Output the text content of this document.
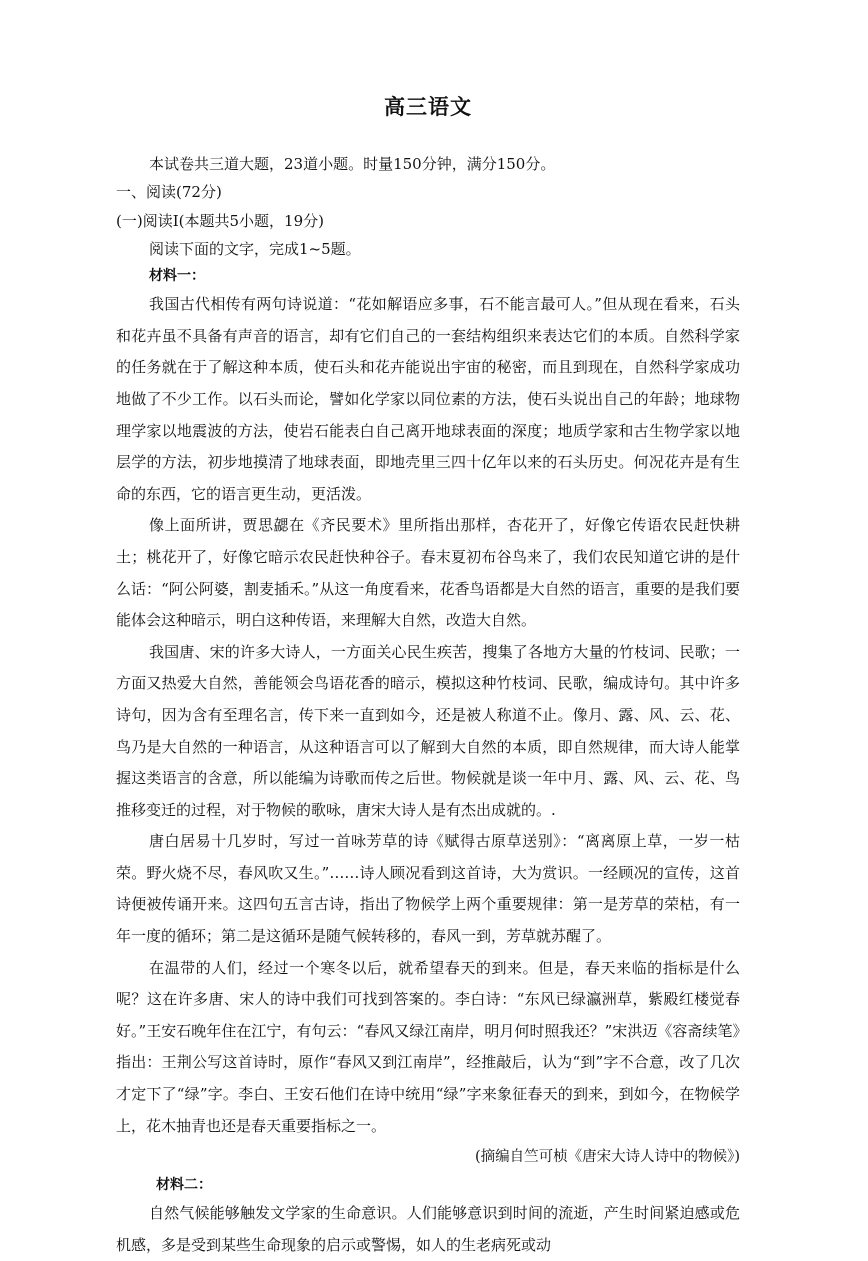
高三语文
本试卷共三道大题，23道小题。时量150分钟，满分150分。
一、阅读(72分)
(一)阅读Ⅰ(本题共5小题，19分)
阅读下面的文字，完成1~5题。
材料一：

我国古代相传有两句诗说道：“花如解语应多事，石不能言最可人。”但从现在看来，石头和花卉虽不具备有声音的语言，却有它们自己的一套结构组织来表达它们的本质。自然科学家的任务就在于了解这种本质，使石头和花卉能说出宇宙的秘密，而且到现在，自然科学家成功地做了不少工作。以石头而论，譬如化学家以同位素的方法，使石头说出自己的年龄；地球物理学家以地震波的方法，使岩石能表白自己离开地球表面的深度；地质学家和古生物学家以地层学的方法，初步地摸清了地球表面，即地壳里三四十亿年以来的石头历史。何况花卉是有生命的东西，它的语言更生动，更活泼。

像上面所讲，贾思勰在《齐民要术》里所指出那样，杏花开了，好像它传语农民赶快耕土；桃花开了，好像它暗示农民赶快种谷子。春末夏初布谷鸟来了，我们农民知道它讲的是什么话：“阿公阿婆，割麦插禾。”从这一角度看来，花香鸟语都是大自然的语言，重要的是我们要能体会这种暗示，明白这种传语，来理解大自然，改造大自然。

我国唐、宋的许多大诗人，一方面关心民生疾苦，搜集了各地方大量的竹枝词、民歌；一方面又热爱大自然，善能领会鸟语花香的暗示，模拟这种竹枝词、民歌，编成诗句。其中许多诗句，因为含有至理名言，传下来一直到如今，还是被人称道不止。像月、露、风、云、花、鸟乃是大自然的一种语言，从这种语言可以了解到大自然的本质，即自然规律，而大诗人能掌握这类语言的含意，所以能编为诗歌而传之后世。物候就是谈一年中月、露、风、云、花、鸟推移变迁的过程，对于物候的歌咏，唐宋大诗人是有杰出成就的。.

唐白居易十几岁时，写过一首咏芳草的诗《赋得古原草送别》：“离离原上草，一岁一枯荣。野火烧不尽，春风吹又生。”……诗人顾况看到这首诗，大为赏识。一经顾况的宣传，这首诗便被传诵开来。这四句五言古诗，指出了物候学上两个重要规律：第一是芳草的荣枯，有一年一度的循环；第二是这循环是随气候转移的，春风一到，芳草就苏醒了。

在温带的人们，经过一个寒冬以后，就希望春天的到来。但是，春天来临的指标是什么呢？这在许多唐、宋人的诗中我们可找到答案的。李白诗：“东风已绿瀛洲草，紫殿红楼觉春好。”王安石晚年住在江宁，有句云：“春风又绿江南岸，明月何时照我还？”宋洪迈《容斋续笔》指出：王荆公写这首诗时，原作“春风又到江南岸”，经推敲后，认为“到”字不合意，改了几次才定下了“绿”字。李白、王安石他们在诗中统用“绿”字来象征春天的到来，到如今，在物候学上，花木抽青也还是春天重要指标之一。

(摘编自竺可桢《唐宋大诗人诗中的物候》)
材料二：

自然气候能够触发文学家的生命意识。人们能够意识到时间的流逝，产生时间紧迫感或危机感，多是受到某些生命现象的启示或警惕，如人的生老病死或动
